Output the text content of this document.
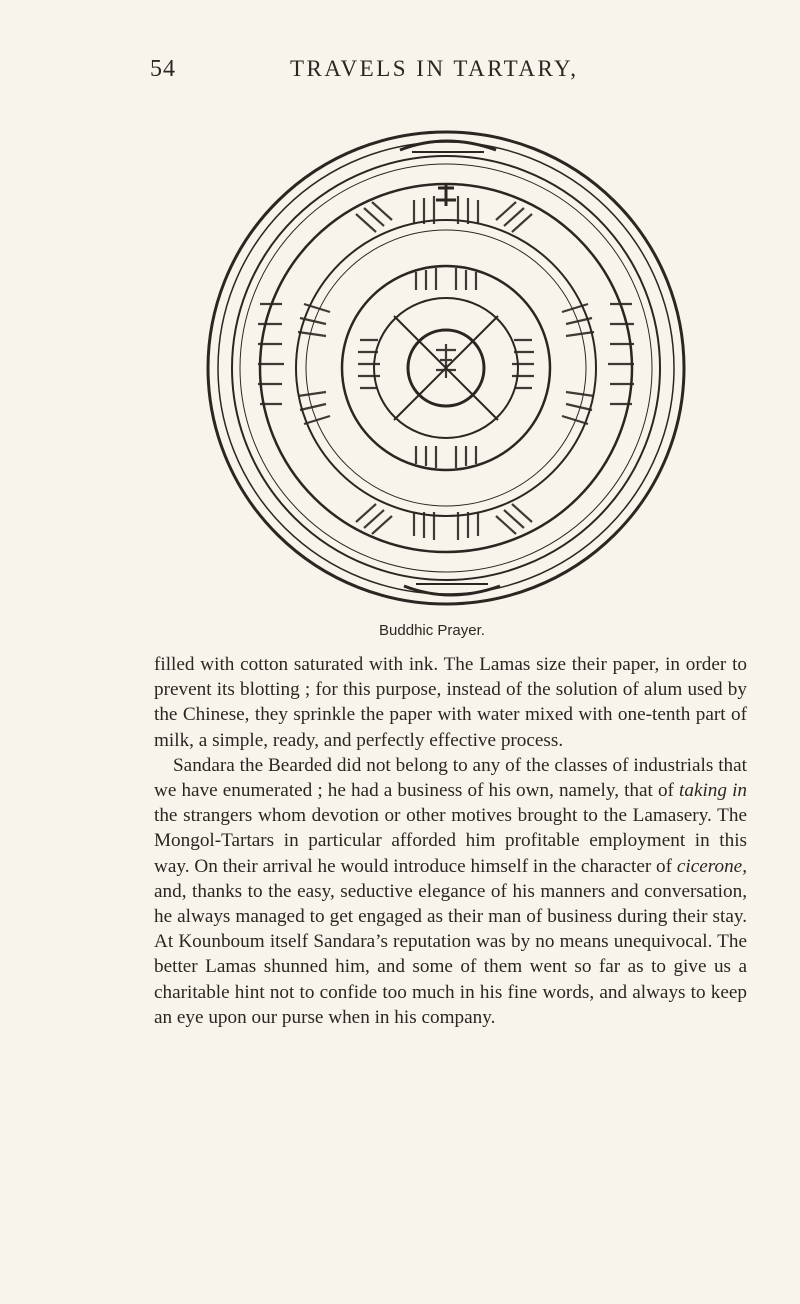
54	TRAVELS IN TARTARY,
Buddhic Prayer.

filled with cotton saturated with ink. The Lamas size their paper, in order to prevent its blotting ; for this purpose, instead of the solution of alum used by the Chinese, they sprinkle the paper with water mixed with one-tenth part of milk, a simple, ready, and perfectly effective process.

Sandara the Bearded did not belong to any of the classes of industrials that we have enumerated ; he had a business of his own, namely, that of taking in the strangers whom devotion or other motives brought to the Lamasery. The Mongol-Tartars in particular afforded him profitable employment in this way. On their arrival he would introduce himself in the character of cicerone, and, thanks to the easy, seductive elegance of his manners and conversation, he always managed to get engaged as their man of business during their stay. At Kounboum itself Sandara’s reputation was by no means unequivocal. The better Lamas shunned him, and some of them went so far as to give us a charitable hint not to confide too much in his fine words, and always to keep an eye upon our purse when in his company.
